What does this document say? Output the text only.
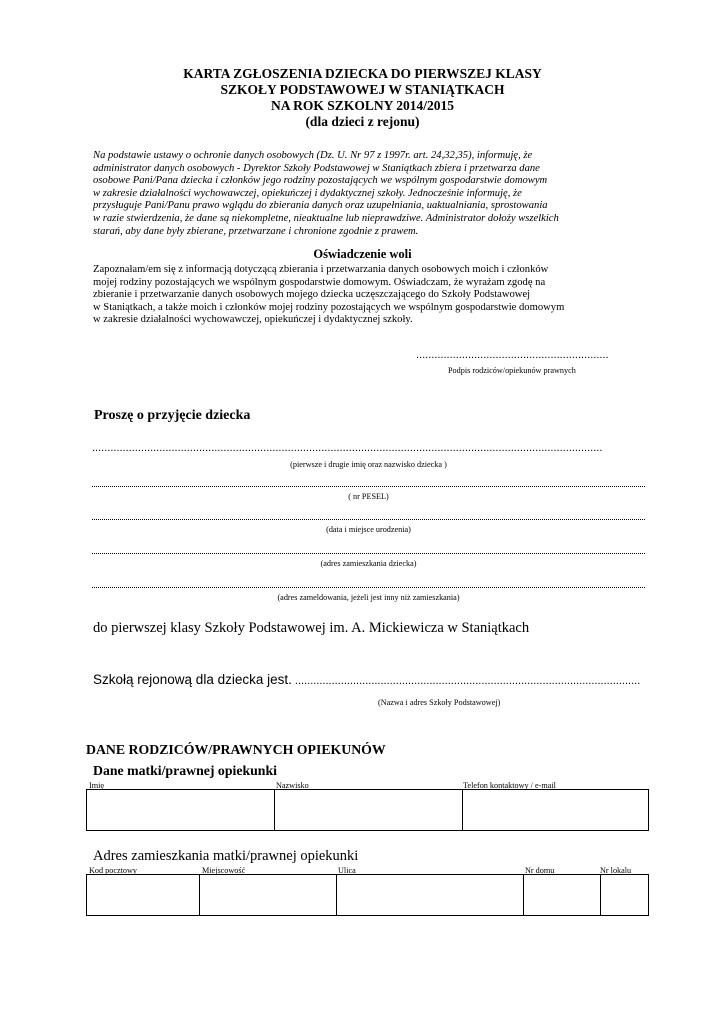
KARTA ZGŁOSZENIA DZIECKA DO PIERWSZEJ KLASY
SZKOŁY PODSTAWOWEJ W STANIĄTKACH
NA ROK SZKOLNY 2014/2015
(dla dzieci z rejonu)
Na podstawie ustawy o ochronie danych osobowych (Dz. U. Nr 97 z 1997r. art. 24,32,35), informuję, że
administrator danych osobowych - Dyrektor Szkoły Podstawowej w Staniątkach zbiera i przetwarza dane
osobowe Pani/Pana dziecka i członków jego rodziny pozostających we wspólnym gospodarstwie domowym
w zakresie działalności wychowawczej, opiekuńczej i dydaktycznej szkoły. Jednocześnie informuję, że
przysługuje Pani/Panu prawo wglądu do zbierania danych oraz uzupełniania, uaktualniania, sprostowania
w razie stwierdzenia, że dane są niekompletne, nieaktualne lub nieprawdziwe. Administrator dołoży wszelkich
starań, aby dane były zbierane, przetwarzane i chronione zgodnie z prawem.
Oświadczenie woli
Zapoznałam/em się z informacją dotyczącą zbierania i przetwarzania danych osobowych moich i członków
mojej rodziny pozostających we wspólnym gospodarstwie domowym. Oświadczam, że wyrażam zgodę na
zbieranie i przetwarzanie danych osobowych mojego dziecka uczęszczającego do Szkoły Podstawowej
w Staniątkach, a także moich i członków mojej rodziny pozostających we wspólnym gospodarstwie domowym
w zakresie działalności wychowawczej, opiekuńczej i dydaktycznej szkoły.
...............................................................
Podpis rodziców/opiekunów prawnych
Proszę o przyjęcie dziecka
.......................................................................................................................................................................
(pierwsze i drugie imię oraz nazwisko dziecka )
( nr PESEL)
(data i miejsce urodzenia)
(adres zamieszkania dziecka)
(adres zameldowania, jeżeli jest inny niż zamieszkania)
do pierwszej klasy Szkoły Podstawowej im. A. Mickiewicza w Staniątkach
Szkołą rejonową dla dziecka jest. .................................................................................................................
(Nazwa i adres Szkoły Podstawowej)
DANE RODZICÓW/PRAWNYCH OPIEKUNÓW
Dane matki/prawnej opiekunki
Imię	Nazwisko	Telefon kontaktowy / e-mail

Adres zamieszkania matki/prawnej opiekunki
Kod pocztowy	Miejscowość	Ulica	Nr domu	Nr lokalu
